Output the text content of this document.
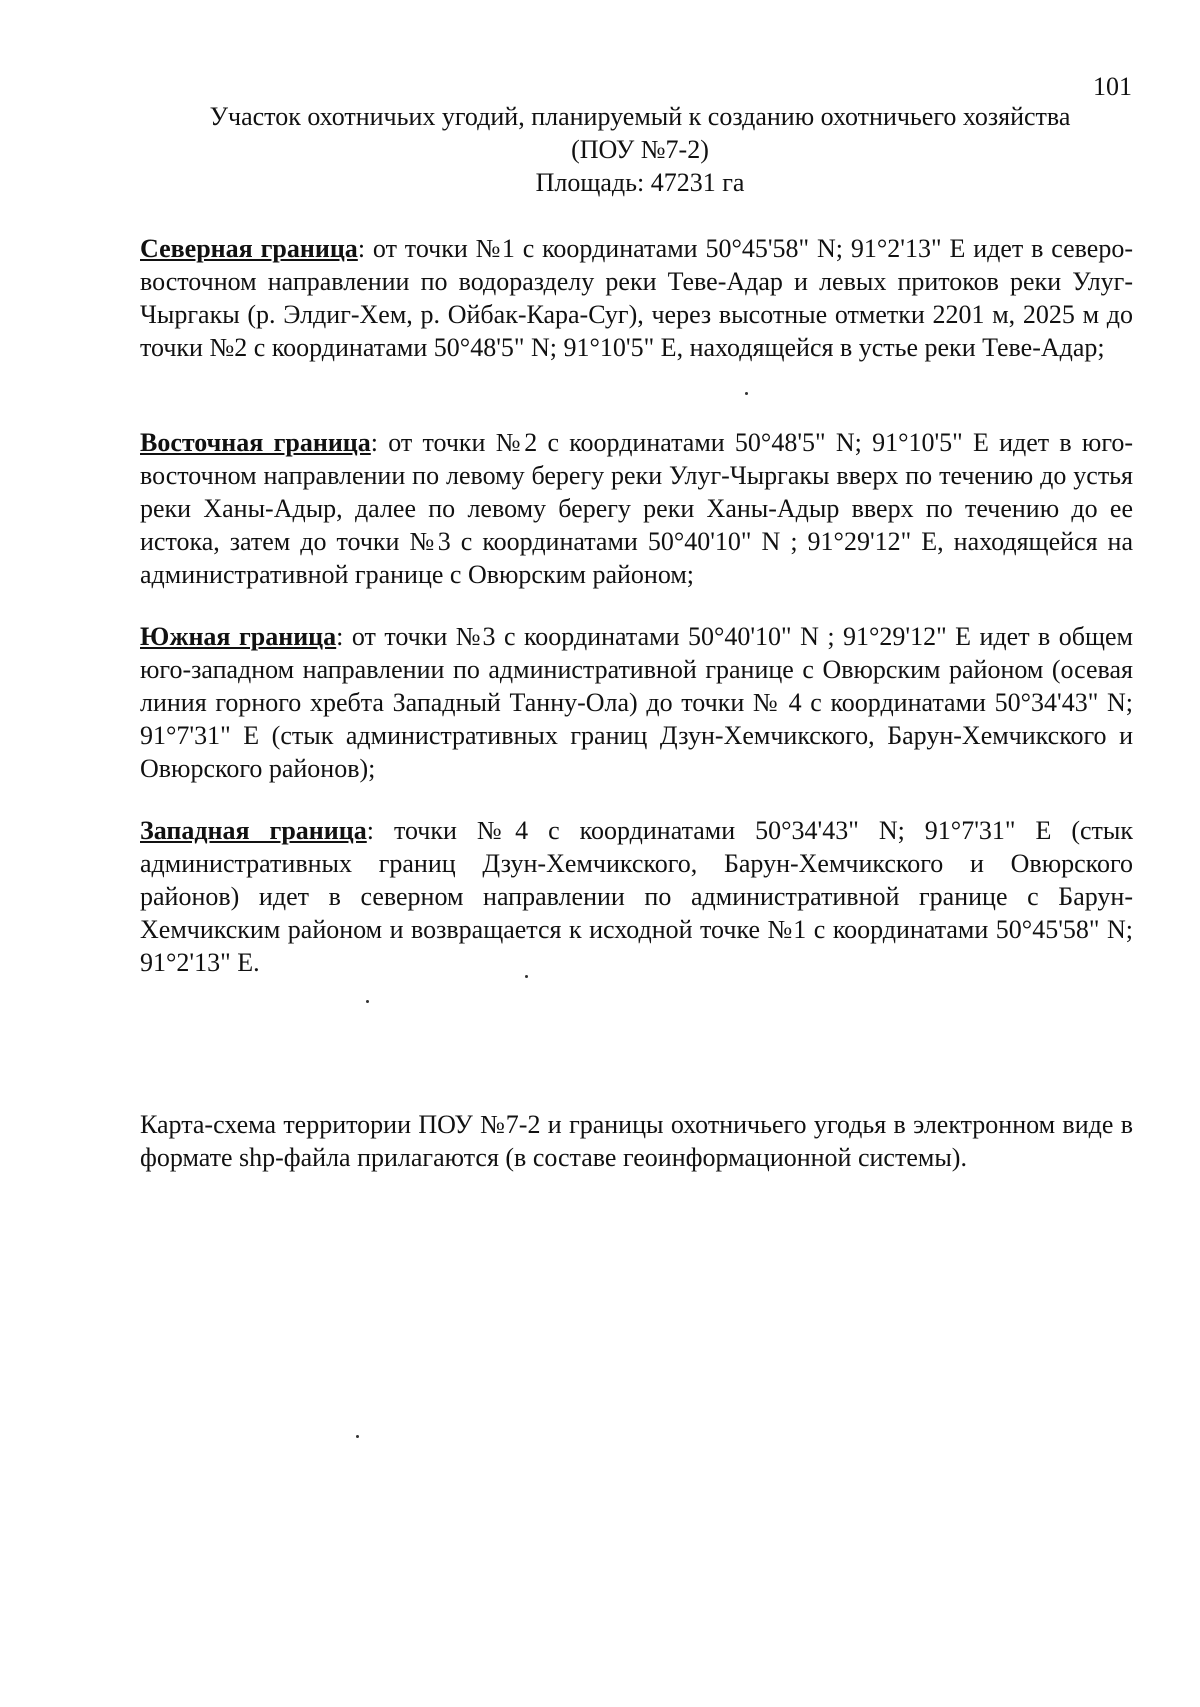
101
Участок охотничьих угодий, планируемый к созданию охотничьего хозяйства
(ПОУ №7-2)
Площадь: 47231 га
Северная граница: от точки №1 с координатами 50°45'58" N; 91°2'13" Е идет в северо-восточном направлении по водоразделу реки Теве-Адар и левых притоков реки Улуг-Чыргакы (р. Элдиг-Хем, р. Ойбак-Кара-Суг), через высотные отметки 2201 м, 2025 м до точки №2 с координатами 50°48'5" N; 91°10'5" Е, находящейся в устье реки Теве-Адар;
Восточная граница: от точки №2 с координатами 50°48'5" N; 91°10'5" Е идет в юго-восточном направлении по левому берегу реки Улуг-Чыргакы вверх по течению до устья реки Ханы-Адыр, далее по левому берегу реки Ханы-Адыр вверх по течению до ее истока, затем до точки №3 с координатами 50°40'10" N ; 91°29'12" Е, находящейся на административной границе с Овюрским районом;
Южная граница: от точки №3 с координатами 50°40'10" N ; 91°29'12" Е идет в общем юго-западном направлении по административной границе с Овюрским районом (осевая линия горного хребта Западный Танну-Ола) до точки № 4 с координатами 50°34'43" N; 91°7'31" Е (стык административных границ Дзун-Хемчикского, Барун-Хемчикского и Овюрского районов);
Западная граница: точки №4 с координатами 50°34'43" N; 91°7'31" Е (стык административных границ Дзун-Хемчикского, Барун-Хемчикского и Овюрского районов) идет в северном направлении по административной границе с Барун-Хемчикским районом и возвращается к исходной точке №1 с координатами 50°45'58" N; 91°2'13" Е.
Карта-схема территории ПОУ №7-2 и границы охотничьего угодья в электронном виде в формате shp-файла прилагаются (в составе геоинформационной системы).
